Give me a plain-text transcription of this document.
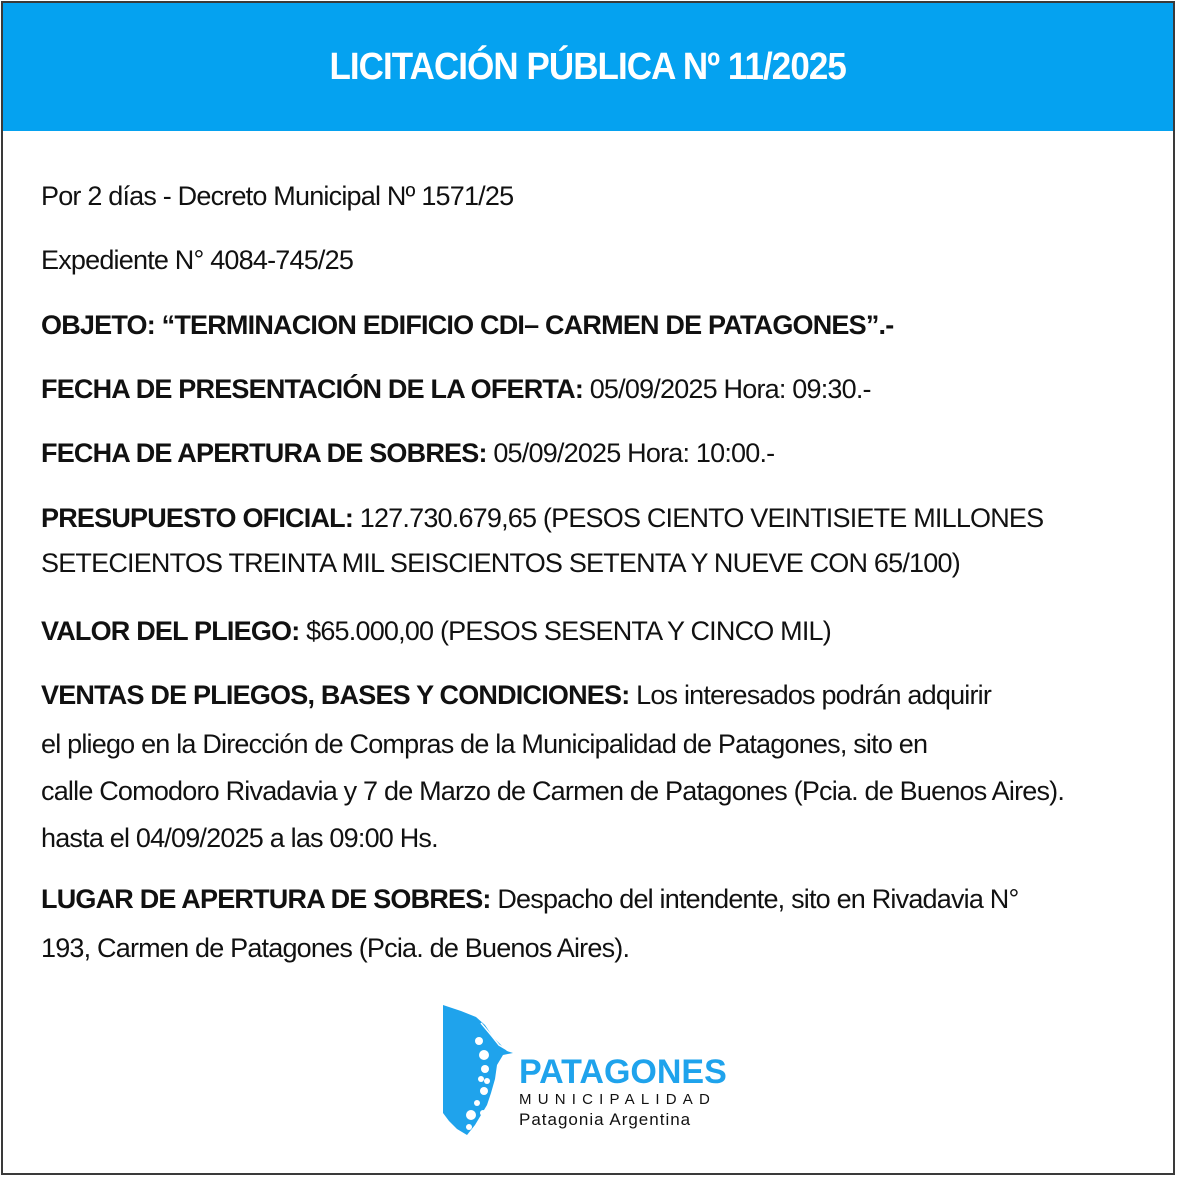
LICITACIÓN PÚBLICA Nº 11/2025
Por 2 días - Decreto Municipal Nº 1571/25
Expediente N° 4084-745/25
OBJETO: “TERMINACION EDIFICIO CDI– CARMEN DE PATAGONES”.-
FECHA DE PRESENTACIÓN DE LA OFERTA: 05/09/2025 Hora: 09:30.-
FECHA DE APERTURA DE SOBRES: 05/09/2025 Hora: 10:00.-
PRESUPUESTO OFICIAL: 127.730.679,65 (PESOS CIENTO VEINTISIETE MILLONES
SETECIENTOS TREINTA MIL SEISCIENTOS SETENTA Y NUEVE CON 65/100)
VALOR DEL PLIEGO: $65.000,00 (PESOS SESENTA Y CINCO MIL)
VENTAS DE PLIEGOS, BASES Y CONDICIONES: Los interesados podrán adquirir
el pliego en la Dirección de Compras de la Municipalidad de Patagones, sito en
calle Comodoro Rivadavia y 7 de Marzo de Carmen de Patagones (Pcia. de Buenos Aires).
hasta el 04/09/2025 a las 09:00 Hs.
LUGAR DE APERTURA DE SOBRES: Despacho del intendente, sito en Rivadavia N°
193, Carmen de Patagones (Pcia. de Buenos Aires).
PATAGONES
MUNICIPALIDAD
Patagonia Argentina
